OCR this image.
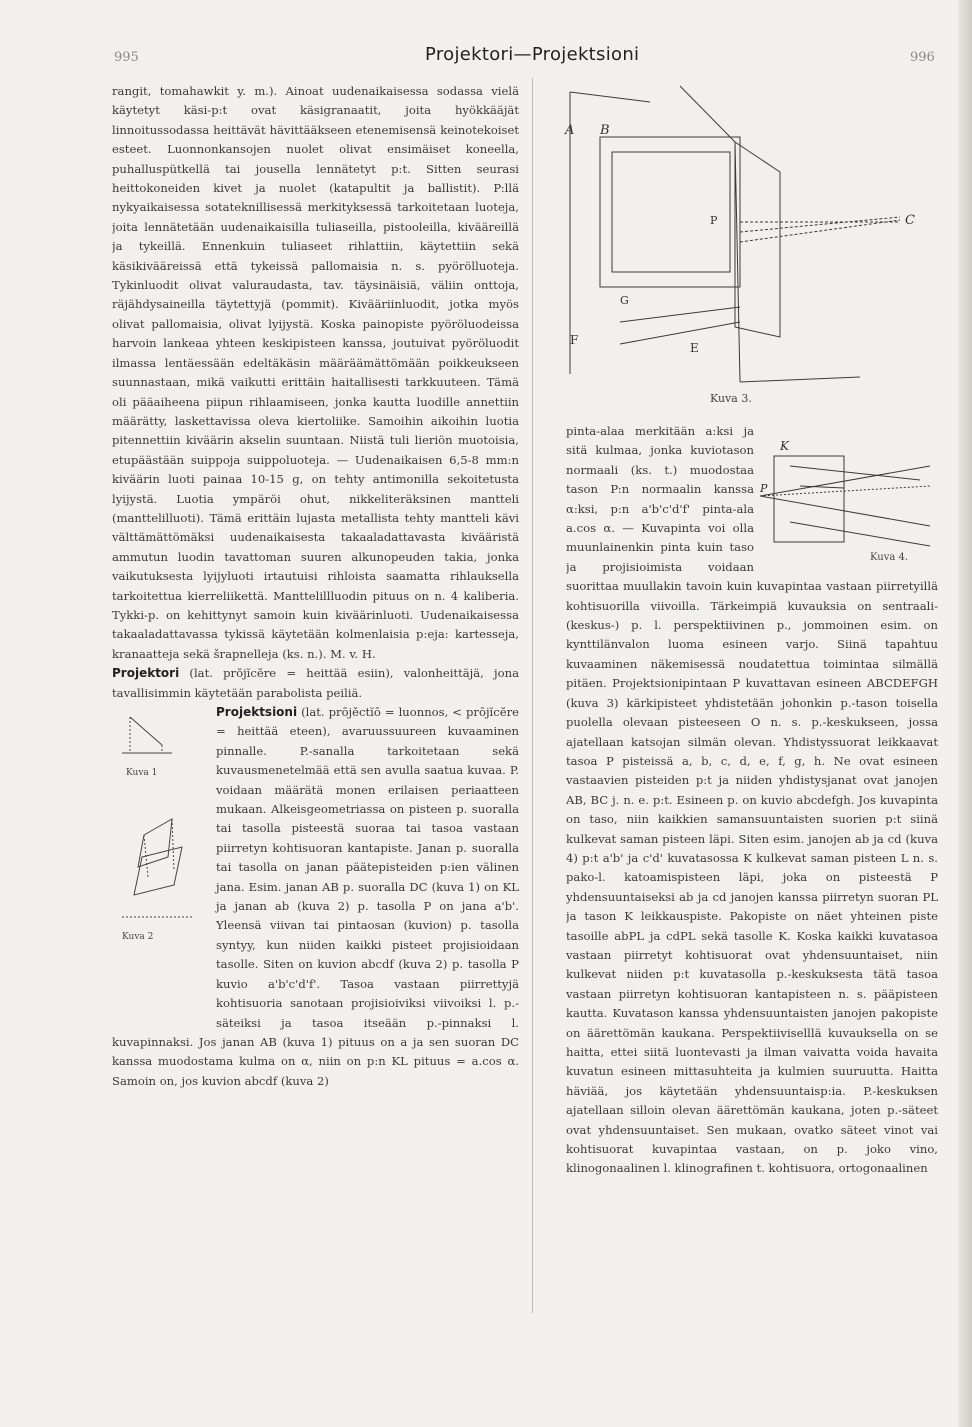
995	Projektori—Projektsioni	996

rangit, tomahawkit y. m.). Ainoat uudenaikaisessa sodassa vielä käytetyt käsi-p:t ovat käsigranaatit, joita hyökkääjät linnoitussodassa heittävät hävittääkseen etenemisensä keinotekoiset esteet. Luonnonkansojen nuolet olivat ensimäiset koneella, puhalluspütkellä tai jousella lennätetyt p:t. Sitten seurasi heittokoneiden kivet ja nuolet (katapultit ja ballistit). P:llä nykyaikaisessa sotateknillisessä merkityksessä tarkoitetaan luoteja, joita lennätetään uudenaikaisilla tuliaseilla, pistooleilla, kivääreillä ja tykeillä. Ennenkuin tuliaseet rihlattiin, käytettiin sekä käsikivääreissä että tykeissä pallomaisia n. s. pyörölluoteja. Tykinluodit olivat valuraudasta, tav. täysinäisiä, väliin onttoja, räjähdysaineilla täytettyjä (pommit). Kivääriinluodit, jotka myös olivat pallomaisia, olivat lyijystä. Koska painopiste pyöröluodeissa harvoin lankeaa yhteen keskipisteen kanssa, joutuivat pyöröluodit ilmassa lentäessään edeltäkäsin määräämättömään poikkeukseen suunnastaan, mikä vaikutti erittäin haitallisesti tarkkuuteen. Tämä oli pääaiheena piipun rihlaamiseen, jonka kautta luodille annettiin määrätty, laskettavissa oleva kiertoliike. Samoihin aikoihin luotia pitennettiin kiväärin akselin suuntaan. Niistä tuli lieriön muotoisia, etupäästään suippoja suippoluoteja. — Uudenaikaisen 6,5-8 mm:n kiväärin luoti painaa 10-15 g, on tehty antimonilla sekoitetusta lyijystä. Luotia ympäröi ohut, nikkeliteräksinen mantteli (manttelilluoti). Tämä erittäin lujasta metallista tehty mantteli kävi välttämättömäksi uudenaikaisesta takaaladattavasta kivääristä ammutun luodin tavattoman suuren alkunopeuden takia, jonka vaikutuksesta lyijyluoti irtautuisi rihloista saamatta rihlauksella tarkoitettua kierreliikettä. Manttelillluodin pituus on n. 4 kaliberia. Tykki-p. on kehittynyt samoin kuin kiväärinluoti. Uudenaikaisessa takaaladattavassa tykissä käytetään kolmenlaisia p:eja: kartesseja, kranaatteja sekä šrapnelleja (ks. n.). M. v. H.

Projektori (lat. prŏjĭcĕre = heittää esiin), valonheittäjä, jona tavallisimmin käytetään parabolista peiliä.

Projektsioni
Kuva 1
Kuva 2
(lat. prōjĕctĭō = luonnos, < prōjĭcĕre = heittää eteen), avaruussuureen kuvaaminen pinnalle. P.-sanalla tarkoitetaan sekä kuvausmenetelmää että sen avulla saatua kuvaa. P. voidaan määrätä monen erilaisen periaatteen mukaan. Alkeisgeometriassa on pisteen p. suoralla tai tasolla pisteestä suoraa tai tasoa vastaan piirretyn kohtisuoran kantapiste. Janan p. suoralla tai tasolla on janan päätepisteiden p:ien välinen jana. Esim. janan AB p. suoralla DC (kuva 1) on KL ja janan ab (kuva 2) p. tasolla P on jana a'b'. Yleensä viivan tai pintaosan (kuvion) p. tasolla syntyy, kun niiden kaikki pisteet projisioidaan tasolle. Siten on kuvion abcdf (kuva 2) p. tasolla P kuvio a'b'c'd'f'. Tasoa vastaan piirrettyjä kohtisuoria sanotaan projisioiviksi viivoiksi l. p.-säteiksi ja tasoa itseään p.-pinnaksi l. kuvapinnaksi. Jos janan AB (kuva 1) pituus on a ja sen suoran DC kanssa muodostama kulma on α, niin on p:n KL pituus = a.cos α. Samoin on, jos kuvion abcdf (kuva 2)

A B
C
P
G
F
E
Kuva 3.

K
P
Kuva 4.
pinta-alaa merkitään a:ksi ja sitä kulmaa, jonka kuviotason normaali (ks. t.) muodostaa tason P:n normaalin kanssa α:ksi, p:n a'b'c'd'f' pinta-ala a.cos α. — Kuvapinta voi olla muunlainenkin pinta kuin taso ja projisioimista voidaan suorittaa muullakin tavoin kuin kuvapintaa vastaan piirretyillä kohtisuorilla viivoilla. Tärkeimpiä kuvauksia on sentraali-(keskus-) p. l. perspektiivinen p., jommoinen esim. on kynttilänvalon luoma esineen varjo. Siinä tapahtuu kuvaaminen näkemisessä noudatettua toimintaa silmällä pitäen. Projektsionipintaan P kuvattavan esineen ABCDEFGH (kuva 3) kärkipisteet yhdistetään johonkin p.-tason toisella puolella olevaan pisteeseen O n. s. p.-keskukseen, jossa ajatellaan katsojan silmän olevan. Yhdistyssuorat leikkaavat tasoa P pisteissä a, b, c, d, e, f, g, h. Ne ovat esineen vastaavien pisteiden p:t ja niiden yhdistysjanat ovat janojen AB, BC j. n. e. p:t. Esineen p. on kuvio abcdefgh. Jos kuvapinta on taso, niin kaikkien samansuuntaisten suorien p:t siinä kulkevat saman pisteen läpi. Siten esim. janojen ab ja cd (kuva 4) p:t a'b' ja c'd' kuvatasossa K kulkevat saman pisteen L n. s. pako-l. katoamispisteen läpi, joka on pisteestä P yhdensuuntaiseksi ab ja cd janojen kanssa piirretyn suoran PL ja tason K leikkauspiste. Pakopiste on näet yhteinen piste tasoille abPL ja cdPL sekä tasolle K. Koska kaikki kuvatasoa vastaan piirretyt kohtisuorat ovat yhdensuuntaiset, niin kulkevat niiden p:t kuvatasolla p.-keskuksesta tätä tasoa vastaan piirretyn kohtisuoran kantapisteen n. s. pääpisteen kautta. Kuvatason kanssa yhdensuuntaisten janojen pakopiste on äärettömän kaukana. Perspektiiviselllä kuvauksella on se haitta, ettei siitä luontevasti ja ilman vaivatta voida havaita kuvatun esineen mittasuhteita ja kulmien suuruutta. Haitta häviää, jos käytetään yhdensuuntaisp:ia. P.-keskuksen ajatellaan silloin olevan äärettömän kaukana, joten p.-säteet ovat yhdensuuntaiset. Sen mukaan, ovatko säteet vinot vai kohtisuorat kuvapintaa vastaan, on p. joko vino, klinogonaalinen l. klinografinen t. kohtisuora, ortogonaalinen
